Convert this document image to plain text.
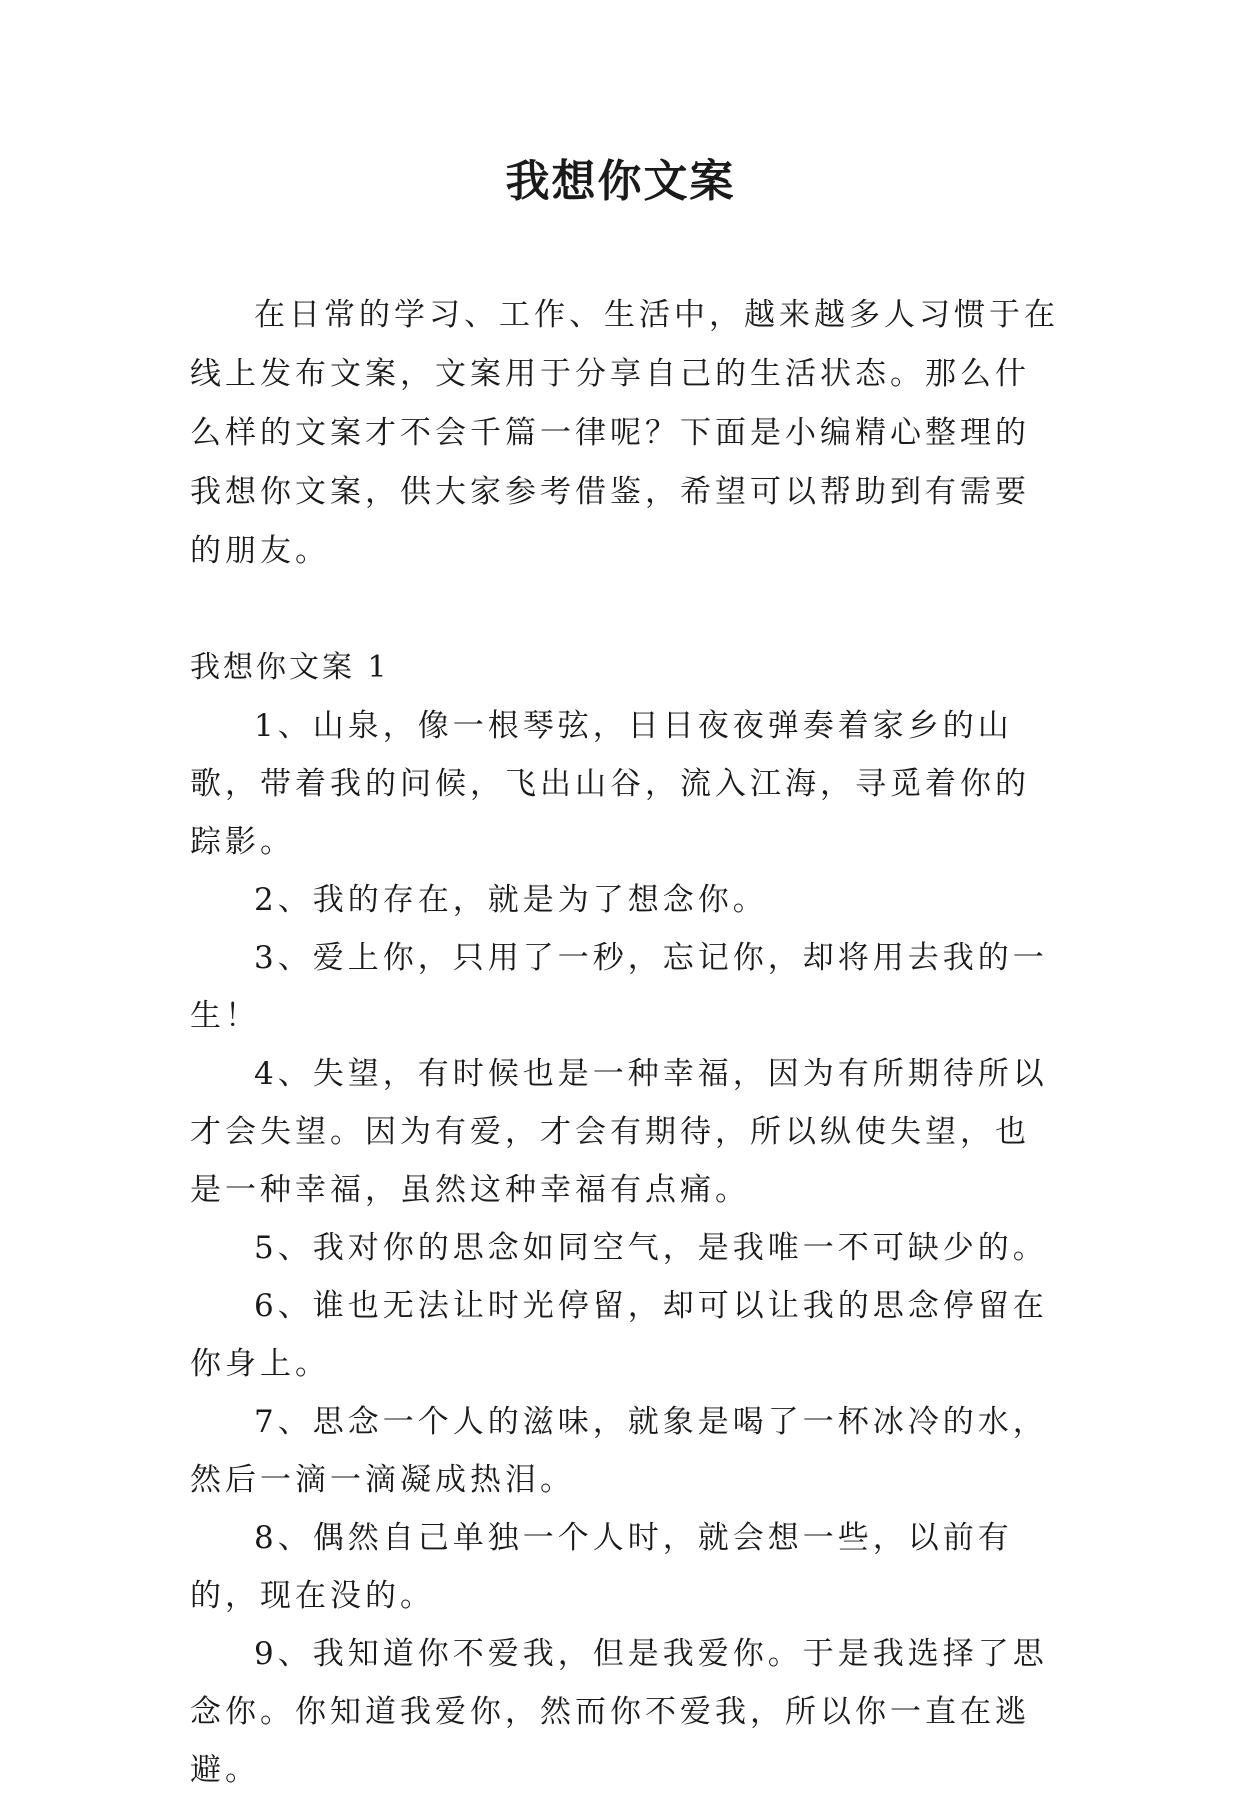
我想你文案

在日常的学习、工作、生活中，越来越多人习惯于在线上发布文案，文案用于分享自己的生活状态。那么什么样的文案才不会千篇一律呢？下面是小编精心整理的我想你文案，供大家参考借鉴，希望可以帮助到有需要的朋友。

我想你文案 1

1、山泉，像一根琴弦，日日夜夜弹奏着家乡的山歌，带着我的问候，飞出山谷，流入江海，寻觅着你的踪影。

2、我的存在，就是为了想念你。

3、爱上你，只用了一秒，忘记你，却将用去我的一生！

4、失望，有时候也是一种幸福，因为有所期待所以才会失望。因为有爱，才会有期待，所以纵使失望，也是一种幸福，虽然这种幸福有点痛。

5、我对你的思念如同空气，是我唯一不可缺少的。

6、谁也无法让时光停留，却可以让我的思念停留在你身上。

7、思念一个人的滋味，就象是喝了一杯冰冷的水，然后一滴一滴凝成热泪。

8、偶然自己单独一个人时，就会想一些，以前有的，现在没的。

9、我知道你不爱我，但是我爱你。于是我选择了思念你。你知道我爱你，然而你不爱我，所以你一直在逃避。
